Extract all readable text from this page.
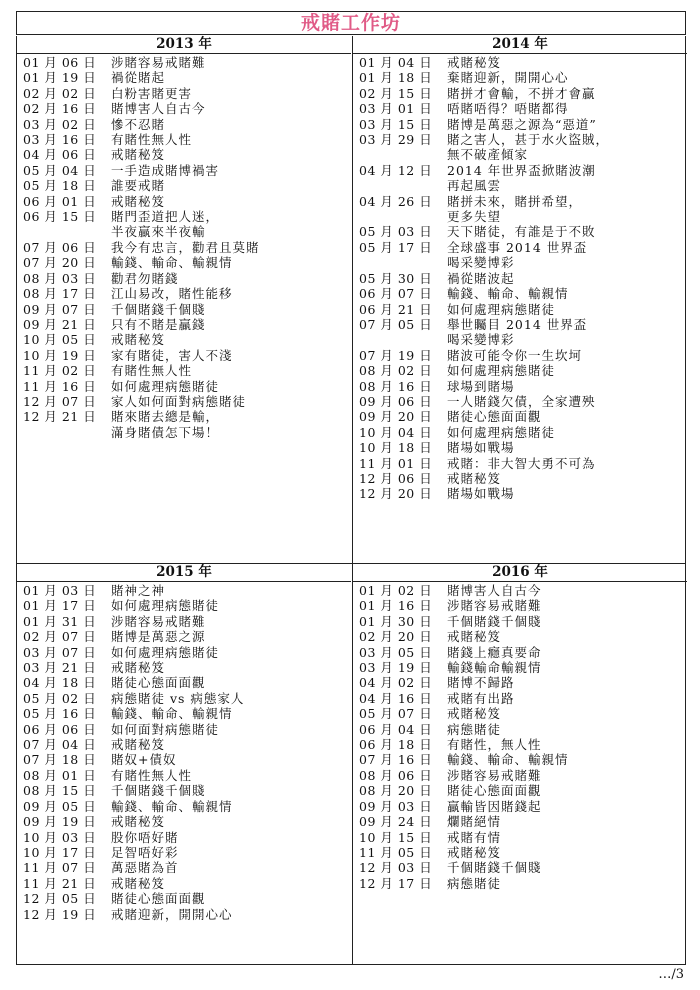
戒賭工作坊
2013 年
01 月 06 日	涉賭容易戒賭難
01 月 19 日	禍從賭起
02 月 02 日	白粉害賭更害
02 月 16 日	賭博害人自古今
03 月 02 日	慘不忍賭
03 月 16 日	有賭性無人性
04 月 06 日	戒賭秘笈
05 月 04 日	一手造成賭博禍害
05 月 18 日	誰要戒賭
06 月 01 日	戒賭秘笈
06 月 15 日	賭門歪道把人迷，
半夜贏來半夜輸
07 月 06 日	我今有忠言，勸君且莫賭
07 月 20 日	輸錢、輸命、輸親情
08 月 03 日	勸君勿賭錢
08 月 17 日	江山易改，賭性能移
09 月 07 日	千個賭錢千個賤
09 月 21 日	只有不賭是贏錢
10 月 05 日	戒賭秘笈
10 月 19 日	家有賭徒，害人不淺
11 月 02 日	有賭性無人性
11 月 16 日	如何處理病態賭徒
12 月 07 日	家人如何面對病態賭徒
12 月 21 日	賭來賭去總是輸，
滿身賭債怎下場！
2014 年
01 月 04 日	戒賭秘笈
01 月 18 日	棄賭迎新，開開心心
02 月 15 日	賭拼才會輸，不拼才會贏
03 月 01 日	唔賭唔得？唔賭都得
03 月 15 日	賭博是萬惡之源為“惡道”
03 月 29 日	賭之害人，甚于水火盜賊，
無不破產傾家
04 月 12 日	2014 年世界盃掀賭波潮
再起風雲
04 月 26 日	賭拼未來，賭拼希望，
更多失望
05 月 03 日	天下賭徒，有誰是于不敗
05 月 17 日	全球盛事 2014 世界盃
喝采變博彩
05 月 30 日	禍從賭波起
06 月 07 日	輸錢、輸命、輸親情
06 月 21 日	如何處理病態賭徒
07 月 05 日	舉世矚目 2014 世界盃
喝采變博彩
07 月 19 日	賭波可能令你一生坎坷
08 月 02 日	如何處理病態賭徒
08 月 16 日	球場到賭場
09 月 06 日	一人賭錢欠債，全家遭殃
09 月 20 日	賭徒心態面面觀
10 月 04 日	如何處理病態賭徒
10 月 18 日	賭場如戰場
11 月 01 日	戒賭：非大智大勇不可為
12 月 06 日	戒賭秘笈
12 月 20 日	賭場如戰場
2015 年
01 月 03 日	賭神之神
01 月 17 日	如何處理病態賭徒
01 月 31 日	涉賭容易戒賭難
02 月 07 日	賭博是萬惡之源
03 月 07 日	如何處理病態賭徒
03 月 21 日	戒賭秘笈
04 月 18 日	賭徒心態面面觀
05 月 02 日	病態賭徒 vs 病態家人
05 月 16 日	輸錢、輸命、輸親情
06 月 06 日	如何面對病態賭徒
07 月 04 日	戒賭秘笈
07 月 18 日	賭奴+債奴
08 月 01 日	有賭性無人性
08 月 15 日	千個賭錢千個賤
09 月 05 日	輸錢、輸命、輸親情
09 月 19 日	戒賭秘笈
10 月 03 日	股你唔好賭
10 月 17 日	足智唔好彩
11 月 07 日	萬惡賭為首
11 月 21 日	戒賭秘笈
12 月 05 日	賭徒心態面面觀
12 月 19 日	戒賭迎新，開開心心
2016 年
01 月 02 日	賭博害人自古今
01 月 16 日	涉賭容易戒賭難
01 月 30 日	千個賭錢千個賤
02 月 20 日	戒賭秘笈
03 月 05 日	賭錢上癮真要命
03 月 19 日	輸錢輸命輸親情
04 月 02 日	賭博不歸路
04 月 16 日	戒賭有出路
05 月 07 日	戒賭秘笈
06 月 04 日	病態賭徒
06 月 18 日	有賭性，無人性
07 月 16 日	輸錢、輸命、輸親情
08 月 06 日	涉賭容易戒賭難
08 月 20 日	賭徒心態面面觀
09 月 03 日	贏輸皆因賭錢起
09 月 24 日	爛賭絕情
10 月 15 日	戒賭有情
11 月 05 日	戒賭秘笈
12 月 03 日	千個賭錢千個賤
12 月 17 日	病態賭徒
…/3
